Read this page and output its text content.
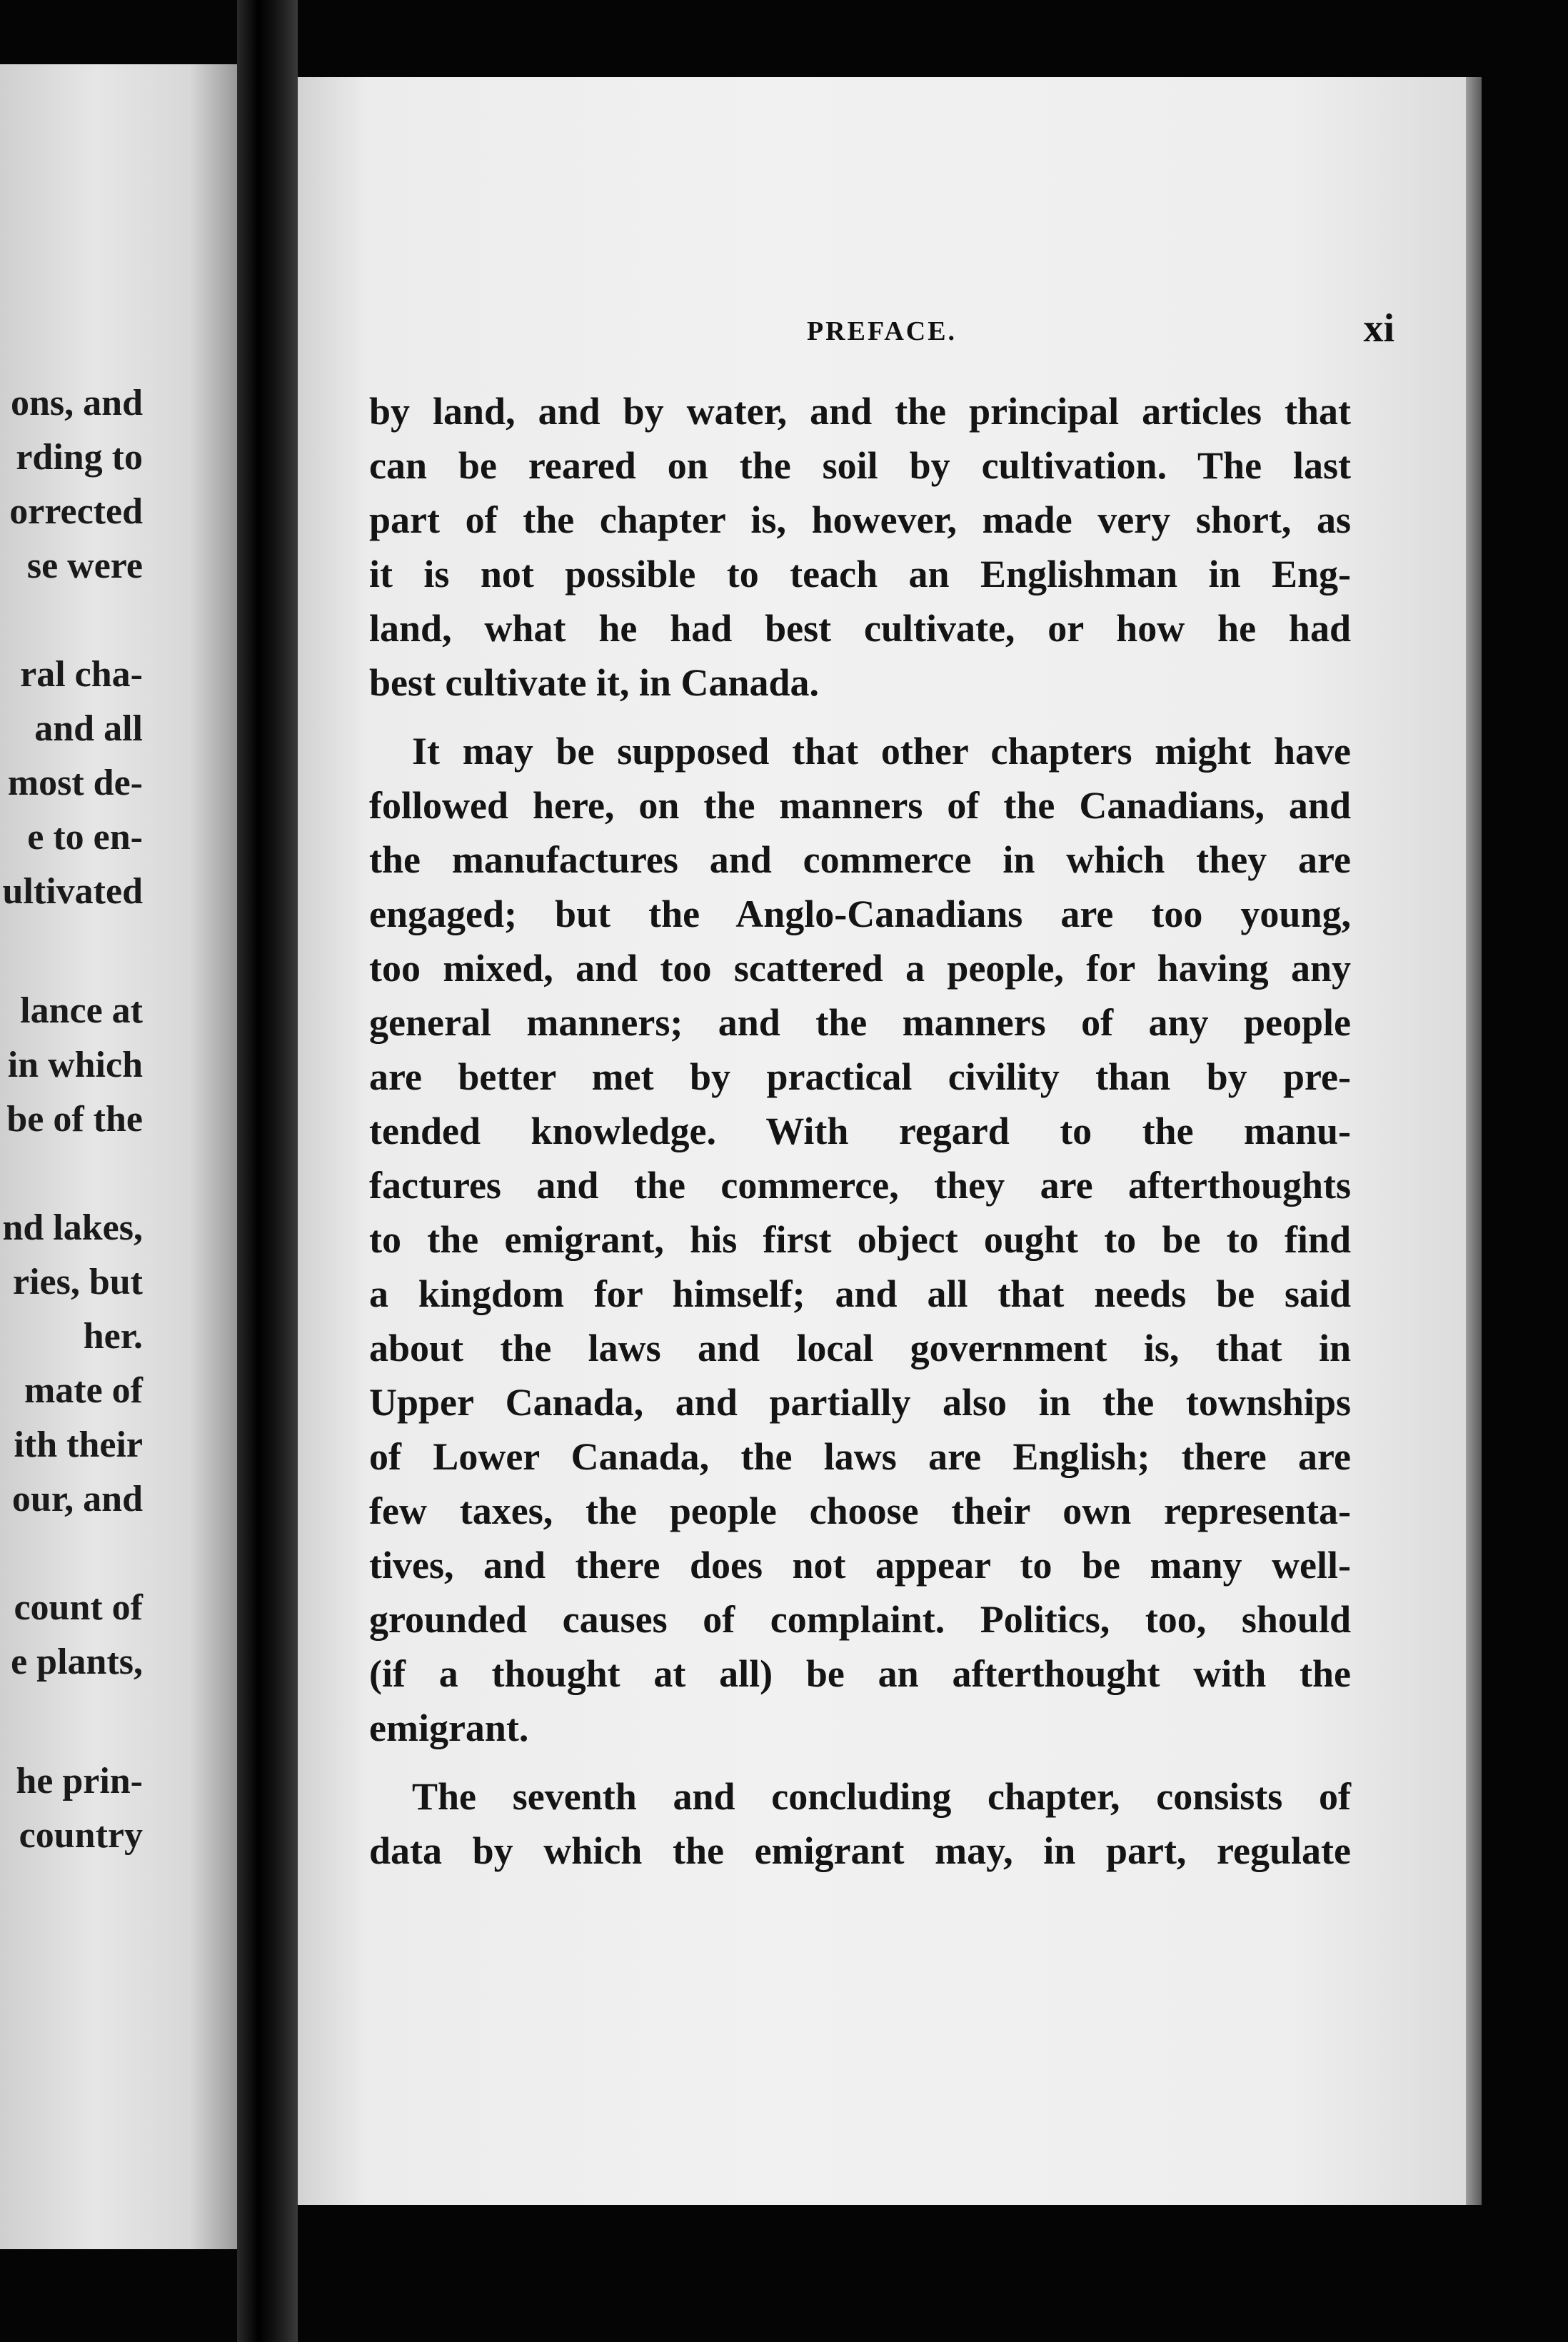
ons, and
rding to
orrected
se were
ral cha-
and all
most de-
e to en-
ultivated
lance at
in which
be of the
nd lakes,
ries, but
her.
mate of
ith their
our, and
count of
e plants,
he prin-
country
PREFACE.	xi
by land, and by water, and the principal articles that
can be reared on the soil by cultivation. The last
part of the chapter is, however, made very short, as
it is not possible to teach an Englishman in Eng-
land, what he had best cultivate, or how he had
best cultivate it, in Canada.
It may be supposed that other chapters might have
followed here, on the manners of the Canadians, and
the manufactures and commerce in which they are
engaged; but the Anglo-Canadians are too young,
too mixed, and too scattered a people, for having any
general manners; and the manners of any people
are better met by practical civility than by pre-
tended knowledge. With regard to the manu-
factures and the commerce, they are afterthoughts
to the emigrant, his first object ought to be to find
a kingdom for himself; and all that needs be said
about the laws and local government is, that in
Upper Canada, and partially also in the townships
of Lower Canada, the laws are English; there are
few taxes, the people choose their own representa-
tives, and there does not appear to be many well-
grounded causes of complaint. Politics, too, should
(if a thought at all) be an afterthought with the
emigrant.
The seventh and concluding chapter, consists of
data by which the emigrant may, in part, regulate
